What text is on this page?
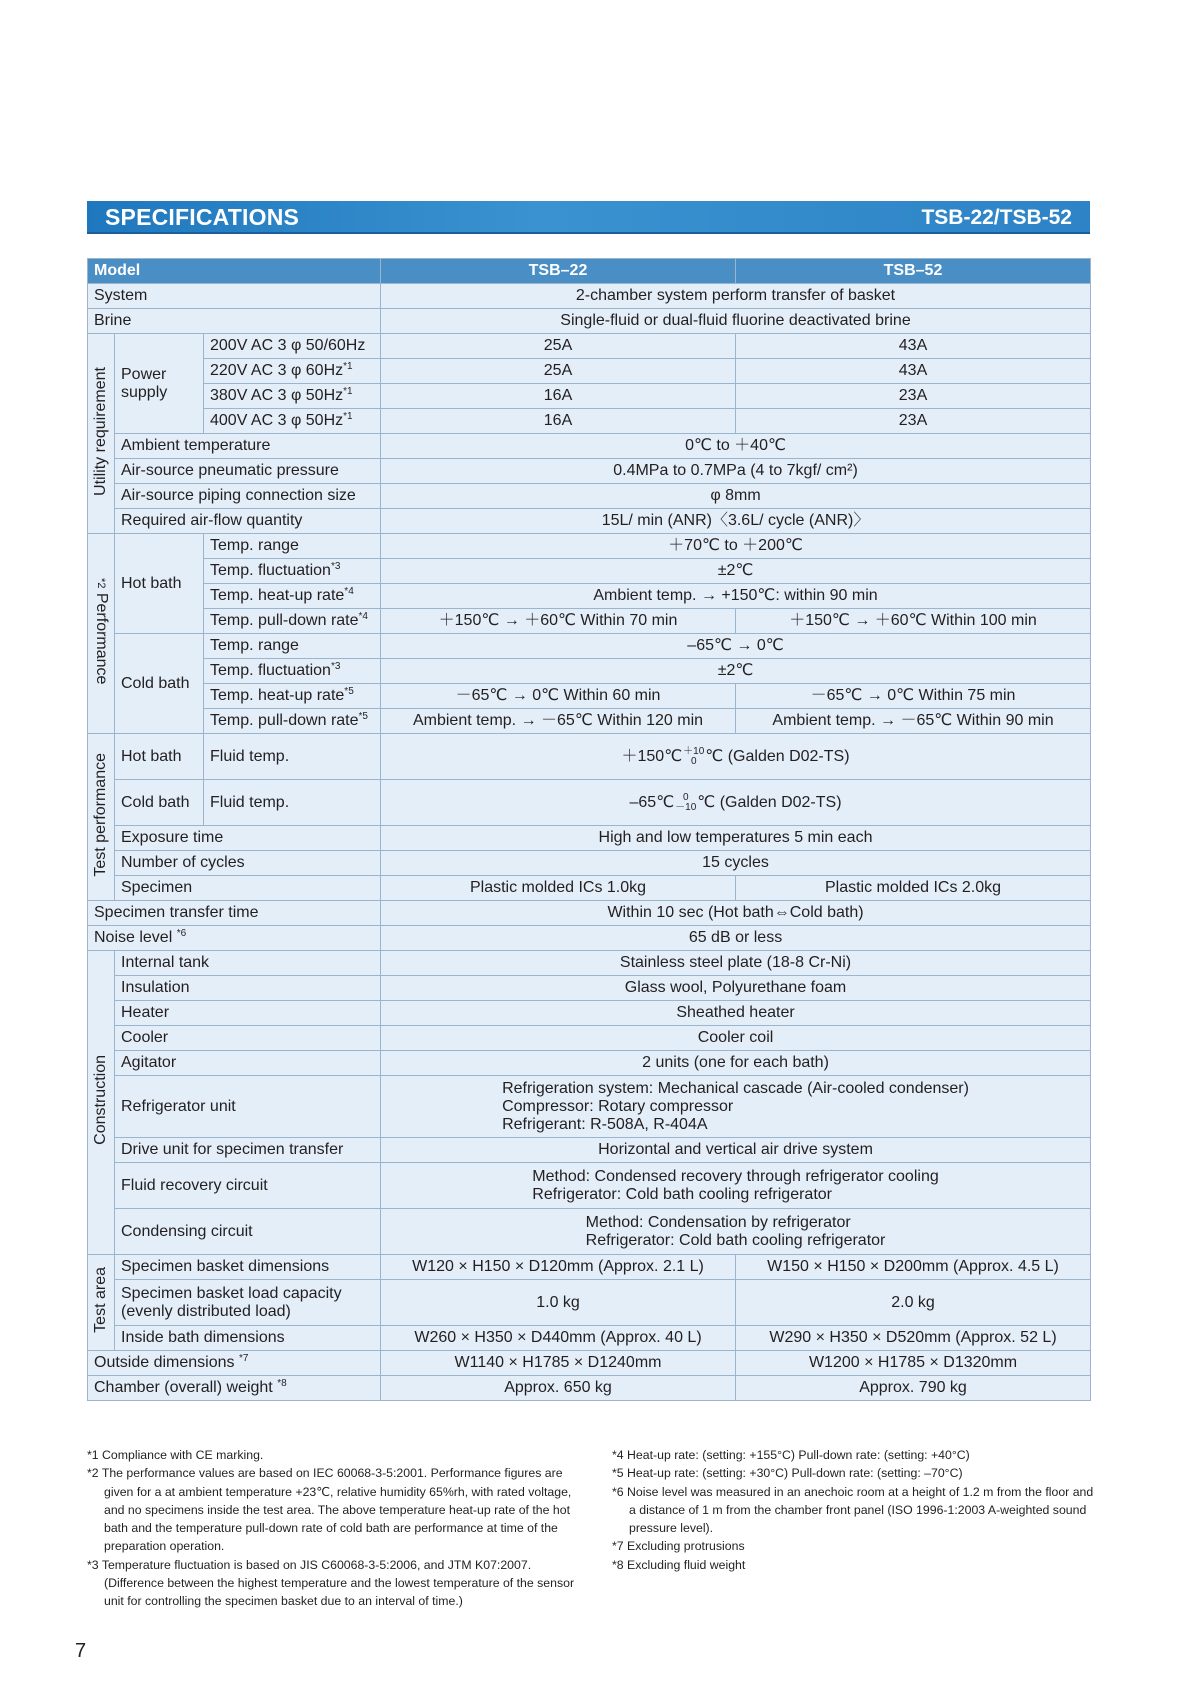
SPECIFICATIONS	TSB-22/TSB-52
Model			TSB–22	TSB–52
System			2-chamber system perform transfer of basket	
Brine			Single-fluid or dual-fluid fluorine deactivated brine	
Utility requirement	Power supply	200V AC 3 φ 50/60Hz	25A	43A
		220V AC 3 φ 60Hz$^{*1}$	25A	43A
		380V AC 3 φ 50Hz$^{*1}$	16A	23A
		400V AC 3 φ 50Hz$^{*1}$	16A	23A
	Ambient temperature		0℃ to ＋40℃	
	Air-source pneumatic pressure		0.4MPa to 0.7MPa (4 to 7kgf/ cm²)	
	Air-source piping connection size		φ 8mm	
	Required air-flow quantity		15L/ min (ANR)〈3.6L/ cycle (ANR)〉	
Performance *2	Hot bath	Temp. range	＋70℃ to ＋200℃	
		Temp. fluctuation$^{*3}$	±2℃	
		Temp. heat-up rate$^{*4}$	Ambient temp. → +150℃: within 90 min	
		Temp. pull-down rate$^{*4}$	＋150℃ → ＋60℃ Within 70 min	＋150℃ → ＋60℃ Within 100 min
	Cold bath	Temp. range	–65℃ → 0℃	
		Temp. fluctuation$^{*3}$	±2℃	
		Temp. heat-up rate$^{*5}$	－65℃ → 0℃ Within 60 min	－65℃ → 0℃ Within 75 min
		Temp. pull-down rate$^{*5}$	Ambient temp. → －65℃ Within 120 min	Ambient temp. → －65℃ Within 90 min
Test performance	Hot bath	Fluid temp.	＋150℃ ＋10
0 ℃ (Galden D02-TS)	
	Cold bath	Fluid temp.	–65℃ 0
－10 ℃ (Galden D02-TS)	
	Exposure time		High and low temperatures 5 min each	
	Number of cycles		15 cycles	
	Specimen		Plastic molded ICs 1.0kg	Plastic molded ICs 2.0kg
Specimen transfer time			Within 10 sec (Hot bath⇔Cold bath)	
Noise level $^{*6}$			65 dB or less	
Construction	Internal tank		Stainless steel plate (18-8 Cr-Ni)	
	Insulation		Glass wool, Polyurethane foam	
	Heater		Sheathed heater	
	Cooler		Cooler coil	
	Agitator		2 units (one for each bath)	
	Refrigerator unit		Refrigeration system: Mechanical cascade (Air-cooled condenser)
Compressor: Rotary compressor
Refrigerant: R-508A, R-404A	

	Drive unit for specimen transfer		Horizontal and vertical air drive system	
	Fluid recovery circuit		Method: Condensed recovery through refrigerator cooling
Refrigerator: Cold bath cooling refrigerator	

	Condensing circuit		Method: Condensation by refrigerator
Refrigerator: Cold bath cooling refrigerator	

Test area	Specimen basket dimensions		W120 × H150 × D120mm (Approx. 2.1 L)	W150 × H150 × D200mm (Approx. 4.5 L)

	Specimen basket load capacity
(evenly distributed load)		1.0 kg	2.0 kg
	Inside bath dimensions		W260 × H350 × D440mm (Approx. 40 L)	W290 × H350 × D520mm (Approx. 52 L)
Outside dimensions $^{*7}$			W1140 × H1785 × D1240mm	W1200 × H1785 × D1320mm
Chamber (overall) weight $^{*8}$			Approx. 650 kg	Approx. 790 kg
*1 Compliance with CE marking.
*2 The performance values are based on IEC 60068-3-5:2001. Performance figures are given for a at ambient temperature +23℃, relative humidity 65%rh, with rated voltage, and no specimens inside the test area. The above temperature heat-up rate of the hot bath and the temperature pull-down rate of cold bath are performance at time of the preparation operation.
*3 Temperature fluctuation is based on JIS C60068-3-5:2006, and JTM K07:2007. (Difference between the highest temperature and the lowest temperature of the sensor unit for controlling the specimen basket due to an interval of time.)
*4 Heat-up rate: (setting: +155°C) Pull-down rate: (setting: +40°C)
*5 Heat-up rate: (setting: +30°C) Pull-down rate: (setting: –70°C)
*6 Noise level was measured in an anechoic room at a height of 1.2 m from the floor and a distance of 1 m from the chamber front panel (ISO 1996-1:2003 A-weighted sound pressure level).
*7 Excluding protrusions
*8 Excluding fluid weight
7
